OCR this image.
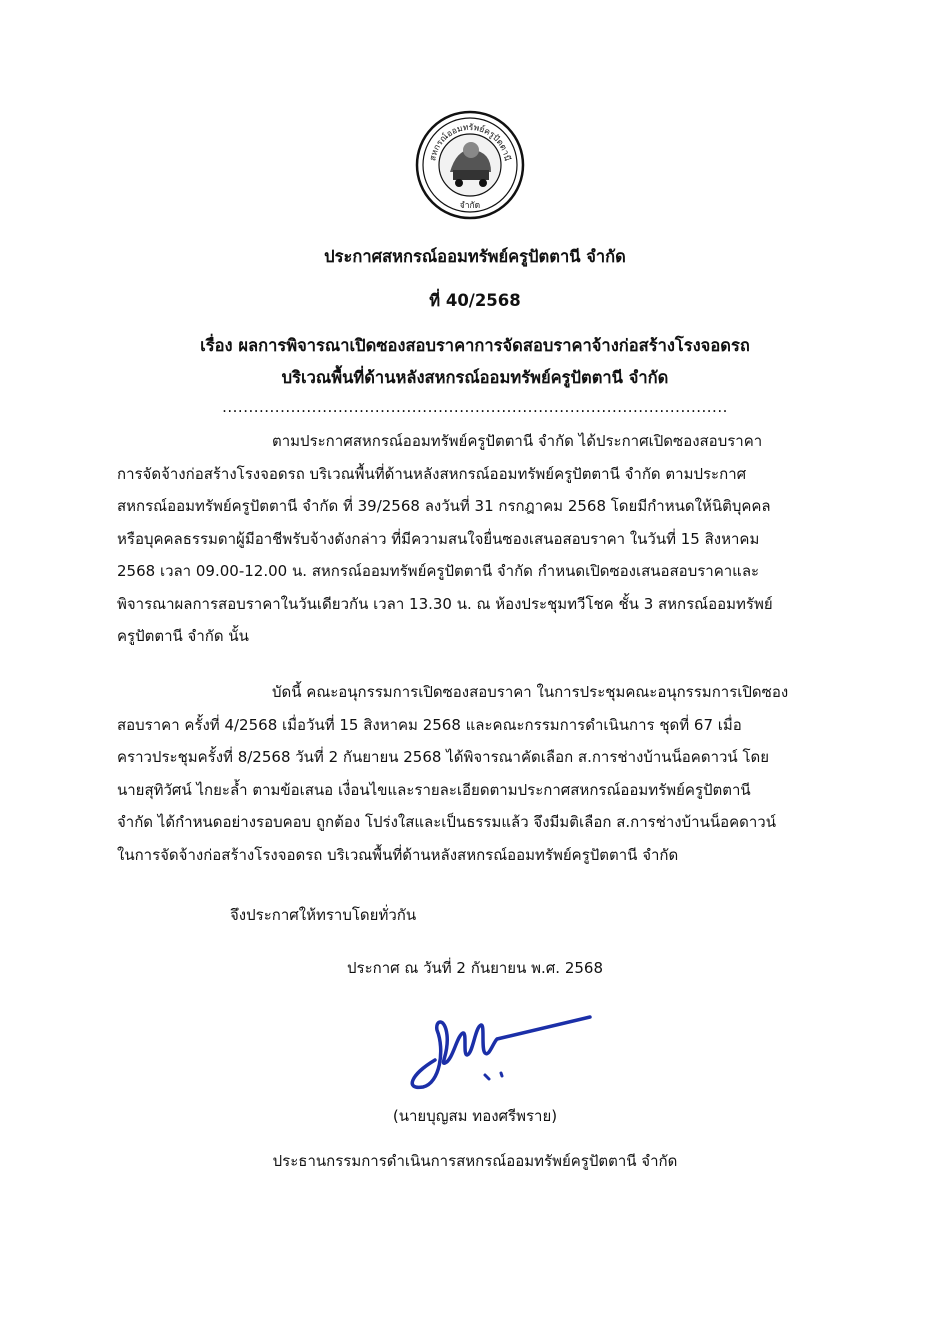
สหกรณ์ออมทรัพย์ครูปัตตานี
จำกัด

ประกาศสหกรณ์ออมทรัพย์ครูปัตตานี จำกัด

ที่ 40/2568

เรื่อง ผลการพิจารณาเปิดซองสอบราคาการจัดสอบราคาจ้างก่อสร้างโรงจอดรถ
บริเวณพื้นที่ด้านหลังสหกรณ์ออมทรัพย์ครูปัตตานี จำกัด

................................................................................................

ตามประกาศสหกรณ์ออมทรัพย์ครูปัตตานี จำกัด ได้ประกาศเปิดซองสอบราคา
การจัดจ้างก่อสร้างโรงจอดรถ บริเวณพื้นที่ด้านหลังสหกรณ์ออมทรัพย์ครูปัตตานี จำกัด ตามประกาศ
สหกรณ์ออมทรัพย์ครูปัตตานี จำกัด ที่ 39/2568 ลงวันที่ 31 กรกฎาคม 2568 โดยมีกำหนดให้นิติบุคคล
หรือบุคคลธรรมดาผู้มีอาชีพรับจ้างดังกล่าว ที่มีความสนใจยื่นซองเสนอสอบราคา ในวันที่ 15 สิงหาคม
2568 เวลา 09.00-12.00 น. สหกรณ์ออมทรัพย์ครูปัตตานี จำกัด กำหนดเปิดซองเสนอสอบราคาและ
พิจารณาผลการสอบราคาในวันเดียวกัน เวลา 13.30 น. ณ ห้องประชุมทวีโชค ชั้น 3 สหกรณ์ออมทรัพย์
ครูปัตตานี จำกัด นั้น
บัดนี้ คณะอนุกรรมการเปิดซองสอบราคา ในการประชุมคณะอนุกรรมการเปิดซอง
สอบราคา ครั้งที่ 4/2568 เมื่อวันที่ 15 สิงหาคม 2568 และคณะกรรมการดำเนินการ ชุดที่ 67 เมื่อ
คราวประชุมครั้งที่ 8/2568 วันที่ 2 กันยายน 2568 ได้พิจารณาคัดเลือก ส.การช่างบ้านน็อคดาวน์ โดย
นายสุทิวัศน์ ไกยะล้ำ ตามข้อเสนอ เงื่อนไขและรายละเอียดตามประกาศสหกรณ์ออมทรัพย์ครูปัตตานี
จำกัด ได้กำหนดอย่างรอบคอบ ถูกต้อง โปร่งใสและเป็นธรรมแล้ว จึงมีมติเลือก ส.การช่างบ้านน็อคดาวน์
ในการจัดจ้างก่อสร้างโรงจอดรถ บริเวณพื้นที่ด้านหลังสหกรณ์ออมทรัพย์ครูปัตตานี จำกัด

จึงประกาศให้ทราบโดยทั่วกัน

ประกาศ ณ วันที่ 2 กันยายน พ.ศ. 2568

(นายบุญสม ทองศรีพราย)

ประธานกรรมการดำเนินการสหกรณ์ออมทรัพย์ครูปัตตานี จำกัด
